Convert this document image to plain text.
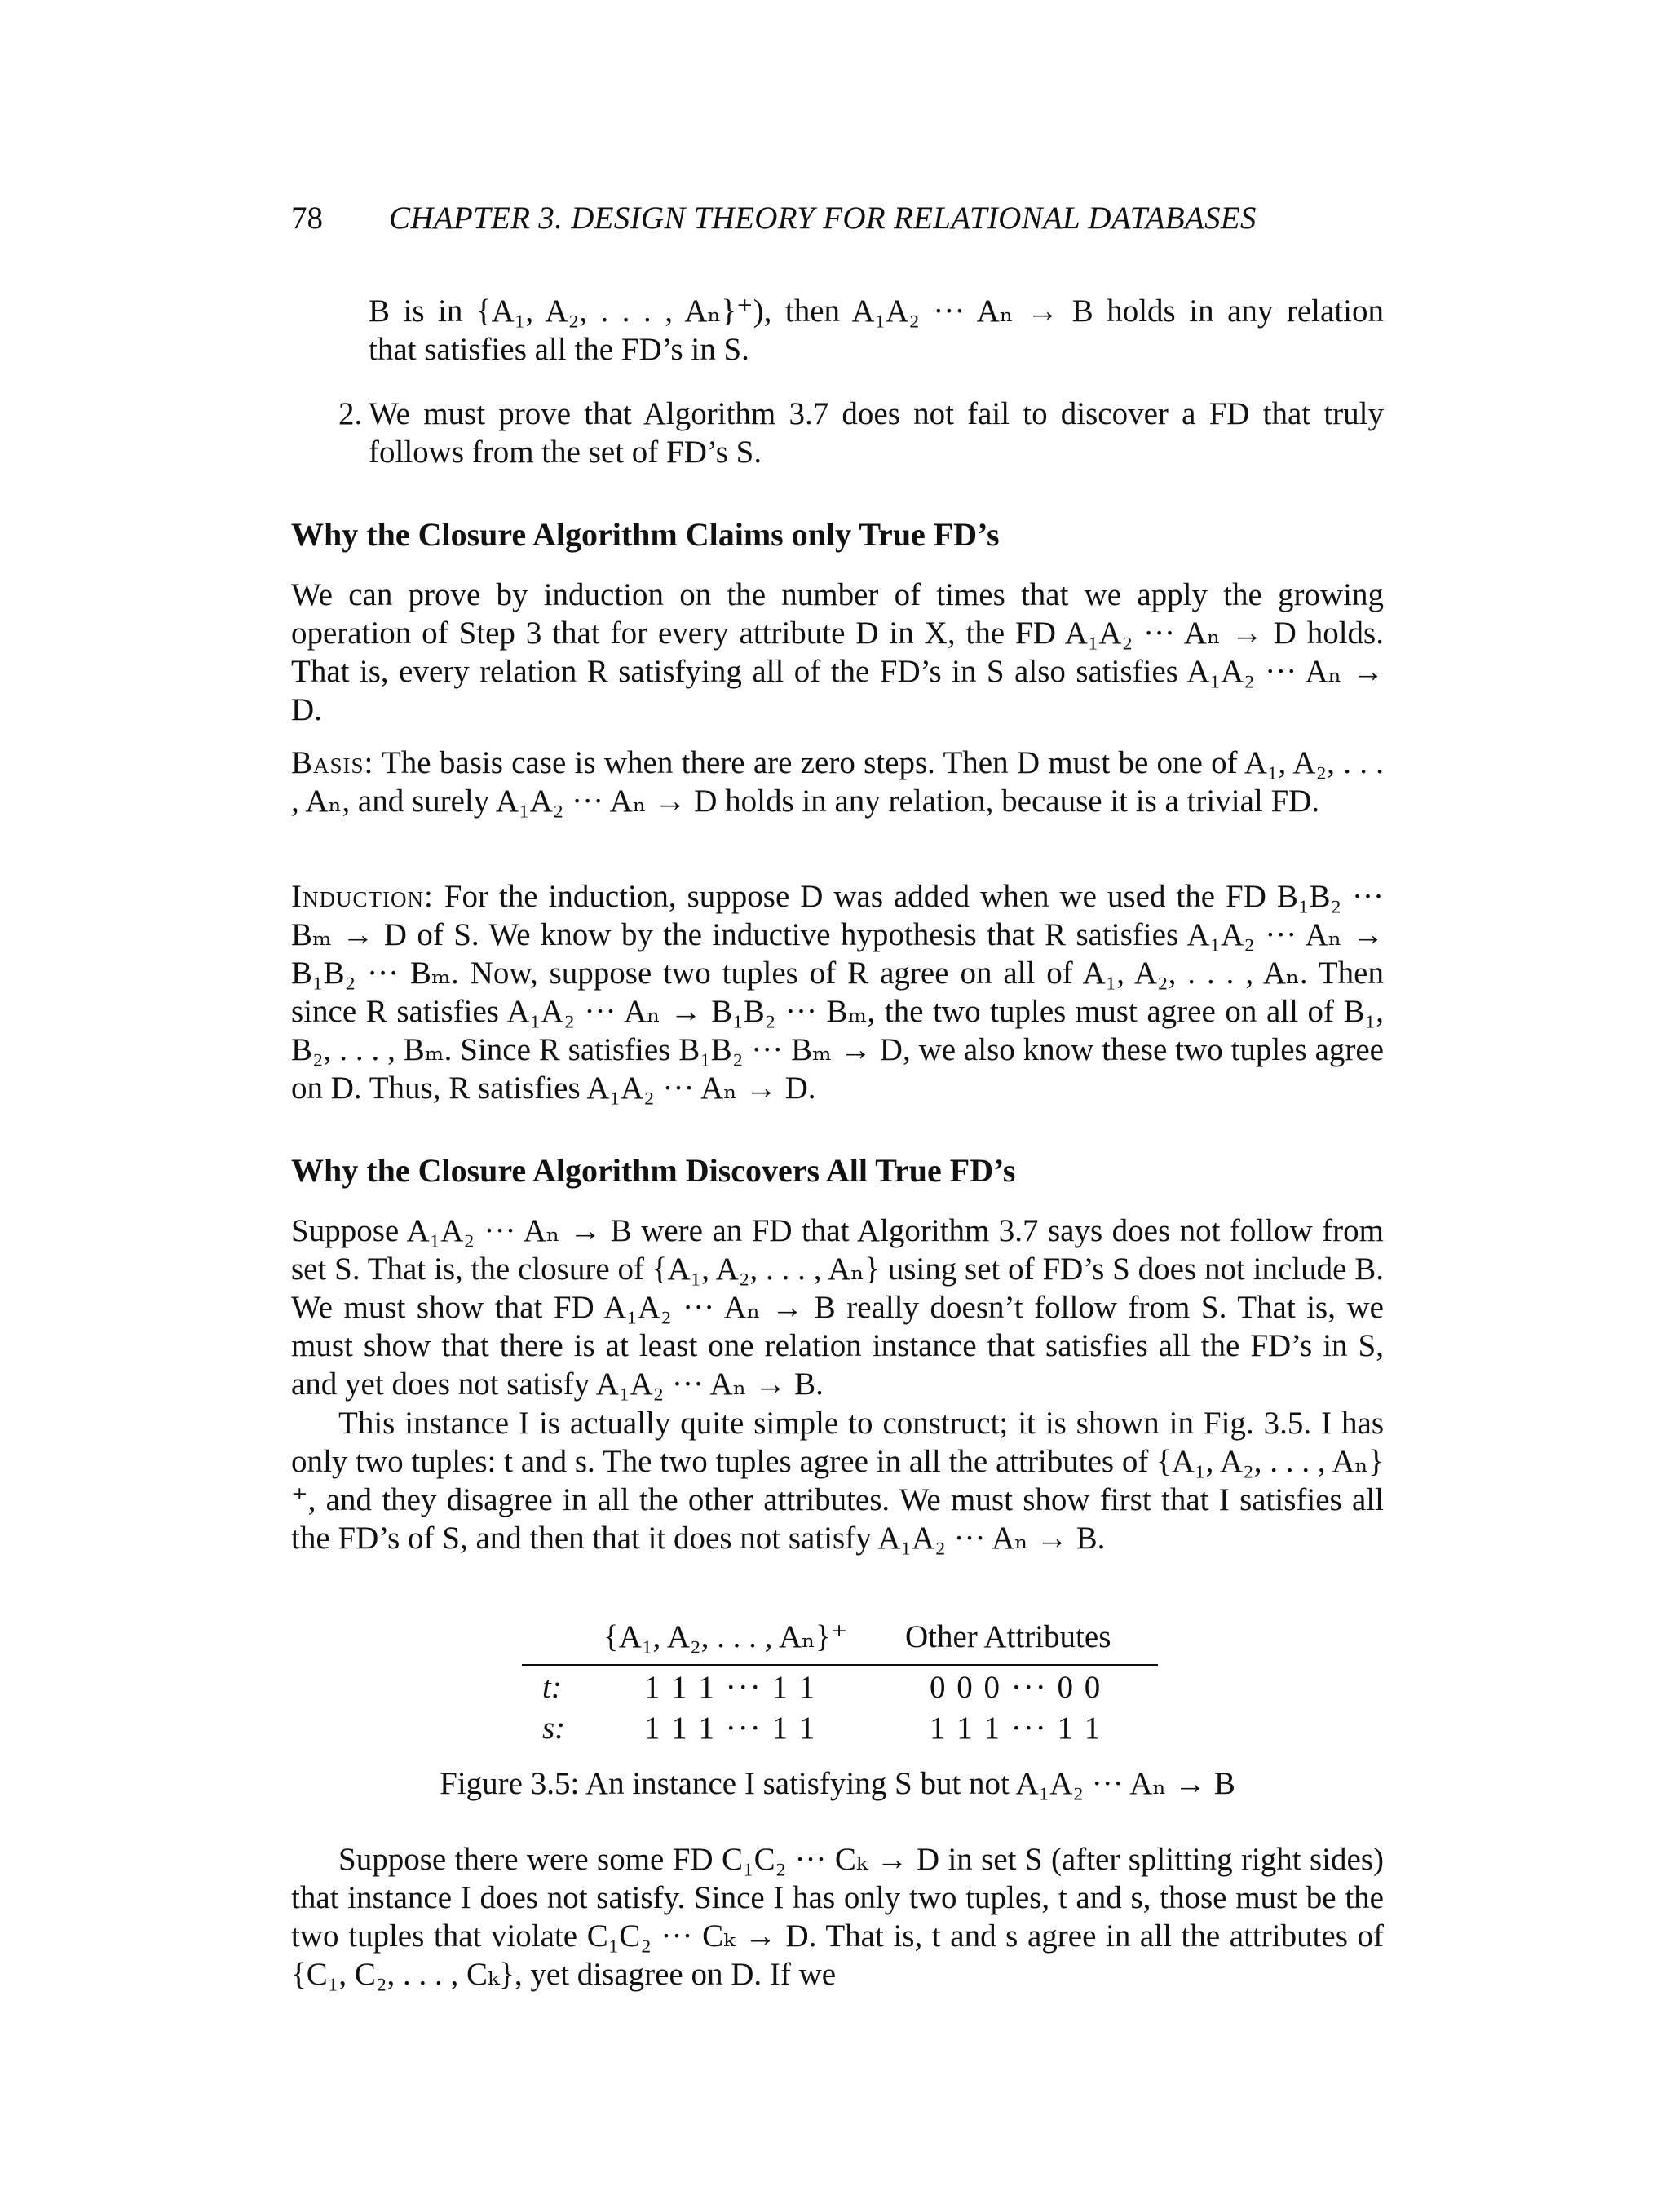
78 CHAPTER 3. DESIGN THEORY FOR RELATIONAL DATABASES
B is in {A₁, A₂, . . . , Aₙ}⁺), then A₁A₂ ··· Aₙ → B holds in any relation
that satisfies all the FD’s in S.
2. We must prove that Algorithm 3.7 does not fail to discover a FD that truly follows from the set of FD’s S.
Why the Closure Algorithm Claims only True FD’s
We can prove by induction on the number of times that we apply the growing operation of Step 3 that for every attribute D in X, the FD A₁A₂ ··· Aₙ → D holds. That is, every relation R satisfying all of the FD’s in S also satisfies A₁A₂ ··· Aₙ → D.
Basis: The basis case is when there are zero steps. Then D must be one of A₁, A₂, . . . , Aₙ, and surely A₁A₂ ··· Aₙ → D holds in any relation, because it is a trivial FD.
Induction: For the induction, suppose D was added when we used the FD B₁B₂ ··· Bₘ → D of S. We know by the inductive hypothesis that R satisfies A₁A₂ ··· Aₙ → B₁B₂ ··· Bₘ. Now, suppose two tuples of R agree on all of A₁, A₂, . . . , Aₙ. Then since R satisfies A₁A₂ ··· Aₙ → B₁B₂ ··· Bₘ, the two tuples must agree on all of B₁, B₂, . . . , Bₘ. Since R satisfies B₁B₂ ··· Bₘ → D, we also know these two tuples agree on D. Thus, R satisfies A₁A₂ ··· Aₙ → D.
Why the Closure Algorithm Discovers All True FD’s
Suppose A₁A₂ ··· Aₙ → B were an FD that Algorithm 3.7 says does not follow from set S. That is, the closure of {A₁, A₂, . . . , Aₙ} using set of FD’s S does not include B. We must show that FD A₁A₂ ··· Aₙ → B really doesn’t follow from S. That is, we must show that there is at least one relation instance that satisfies all the FD’s in S, and yet does not satisfy A₁A₂ ··· Aₙ → B.
This instance I is actually quite simple to construct; it is shown in Fig. 3.5. I has only two tuples: t and s. The two tuples agree in all the attributes of {A₁, A₂, . . . , Aₙ}⁺, and they disagree in all the other attributes. We must show first that I satisfies all the FD’s of S, and then that it does not satisfy A₁A₂ ··· Aₙ → B.
{A₁, A₂, . . . , Aₙ}⁺ Other Attributes
t:	1 1 1 ··· 1 1	0 0 0 ··· 0 0
s: 1 1 1 ··· 1 1	1 1 1 ··· 1 1
Figure 3.5: An instance I satisfying S but not A₁A₂ ··· Aₙ → B
Suppose there were some FD C₁C₂ ··· Cₖ → D in set S (after splitting right sides) that instance I does not satisfy. Since I has only two tuples, t and s, those must be the two tuples that violate C₁C₂ ··· Cₖ → D. That is, t and s agree in all the attributes of {C₁, C₂, . . . , Cₖ}, yet disagree on D. If we
